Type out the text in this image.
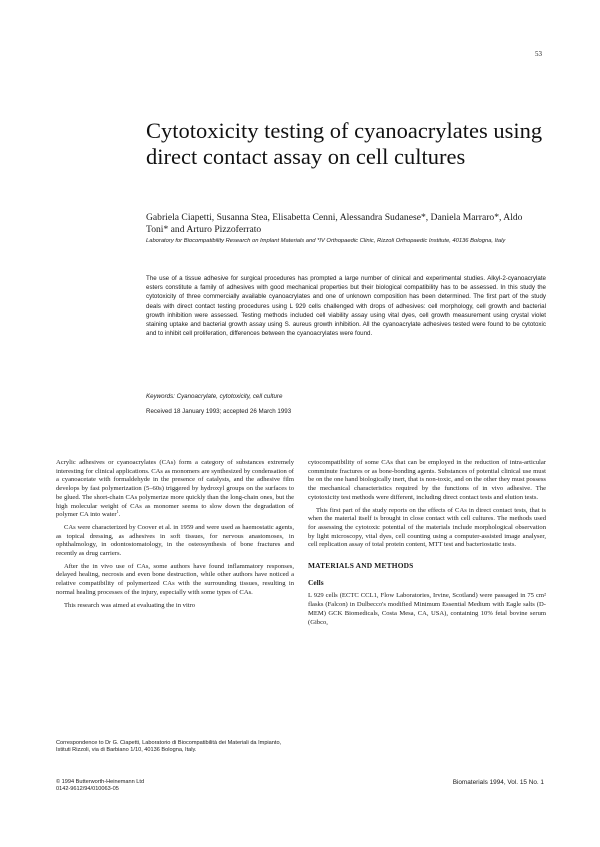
53
Cytotoxicity testing of cyanoacrylates using direct contact assay on cell cultures
Gabriela Ciapetti, Susanna Stea, Elisabetta Cenni, Alessandra Sudanese*, Daniela Marraro*, Aldo Toni* and Arturo Pizzoferrato
Laboratory for Biocompatibility Research on Implant Materials and *IV Orthopaedic Clinic, Rizzoli Orthopaedic Institute, 40136 Bologna, Italy

The use of a tissue adhesive for surgical procedures has prompted a large number of clinical and experimental studies. Alkyl-2-cyanoacrylate esters constitute a family of adhesives with good mechanical properties but their biological compatibility has to be assessed. In this study the cytotoxicity of three commercially available cyanoacrylates and one of unknown composition has been determined. The first part of the study deals with direct contact testing procedures using L 929 cells challenged with drops of adhesives: cell morphology, cell growth and bacterial growth inhibition were assessed. Testing methods included cell viability assay using vital dyes, cell growth measurement using crystal violet staining uptake and bacterial growth assay using S. aureus growth inhibition. All the cyanoacrylate adhesives tested were found to be cytotoxic and to inhibit cell proliferation, differences between the cyanoacrylates were found.

Keywords: Cyanoacrylate, cytotoxicity, cell culture
Received 18 January 1993; accepted 26 March 1993

Acrylic adhesives or cyanoacrylates (CAs) form a category of substances extremely interesting for clinical applications. CAs as monomers are synthesized by condensation of a cyanoacetate with formaldehyde in the presence of catalysts, and the adhesive film develops by fast polymerization (5–60s) triggered by hydroxyl groups on the surfaces to be glued. The short-chain CAs polymerize more quickly than the long-chain ones, but the high molecular weight of CAs as monomer seems to slow down the degradation of polymer CA into water$^1$.

CAs were characterized by Coover et al. in 1959 and were used as haemostatic agents, as topical dressing, as adhesives in soft tissues, for nervous anastomoses, in ophthalmology, in odontostomatology, in the osteosynthesis of bone fractures and recently as drug carriers.

After the in vivo use of CAs, some authors have found inflammatory responses, delayed healing, necrosis and even bone destruction, while other authors have noticed a relative compatibility of polymerized CAs with the surrounding tissues, resulting in normal healing processes of the injury, especially with some types of CAs.

This research was aimed at evaluating the in vitro

cytocompatibility of some CAs that can be employed in the reduction of intra-articular comminute fractures or as bone-bonding agents. Substances of potential clinical use must be on the one hand biologically inert, that is non-toxic, and on the other they must possess the mechanical characteristics required by the functions of in vivo adhesive. The cytotoxicity test methods were different, including direct contact tests and elution tests.

This first part of the study reports on the effects of CAs in direct contact tests, that is when the material itself is brought in close contact with cell cultures. The methods used for assessing the cytotoxic potential of the materials include morphological observation by light microscopy, vital dyes, cell counting using a computer-assisted image analyser, cell replication assay of total protein content, MTT test and bacteriostatic tests.

MATERIALS AND METHODS
Cells

L 929 cells (ECTC CCL1, Flow Laboratories, Irvine, Scotland) were passaged in 75 cm² flasks (Falcon) in Dulbecco's modified Minimum Essential Medium with Eagle salts (D-MEM) GCK Biomedicals, Costa Mesa, CA, USA), containing 10% fetal bovine serum (Gibco,

Correspondence to Dr G. Ciapetti, Laboratorio di Biocompatibilità dei Materiali da Impianto, Istituti Rizzoli, via di Barbiano 1/10, 40136 Bologna, Italy.
© 1994 Butterworth-Heinemann Ltd
0142-9612/94/010063-05
Biomaterials 1994, Vol. 15 No. 1
